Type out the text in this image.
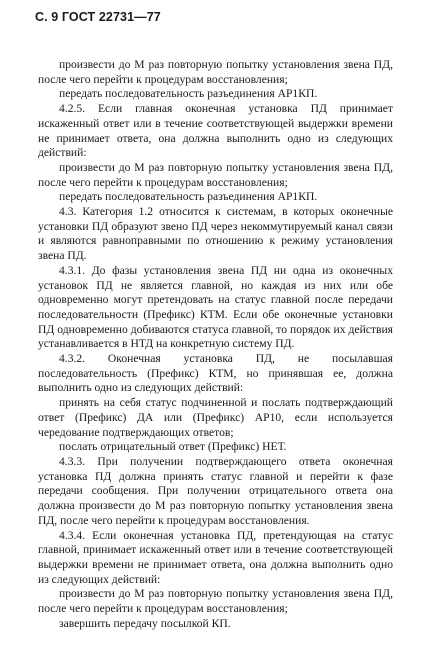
С. 9 ГОСТ 22731—77

произвести до М раз повторную попытку установления звена ПД, после чего перейти к процедурам восстановления;

передать последовательность разъединения АР1КП.

4.2.5. Если главная оконечная установка ПД принимает искаженный ответ или в течение соответствующей выдержки времени не принимает ответа, она должна выполнить одно из следующих действий:

произвести до М раз повторную попытку установления звена ПД, после чего перейти к процедурам восстановления;

передать последовательность разъединения АР1КП.

4.3. Категория 1.2 относится к системам, в которых оконечные установки ПД образуют звено ПД через некоммутируемый канал связи и являются равноправными по отношению к режиму установления звена ПД.

4.3.1. До фазы установления звена ПД ни одна из оконечных установок ПД не является главной, но каждая из них или обе одновременно могут претендовать на статус главной после передачи последовательности (Префикс) КТМ. Если обе оконечные установки ПД одновременно добиваются статуса главной, то порядок их действия устанавливается в НТД на конкретную систему ПД.

4.3.2. Оконечная установка ПД, не посылавшая последовательность (Префикс) КТМ, но принявшая ее, должна выполнить одно из следующих действий:

принять на себя статус подчиненной и послать подтверждающий ответ (Префикс) ДА или (Префикс) АР10, если используется чередование подтверждающих ответов;

послать отрицательный ответ (Префикс) НЕТ.

4.3.3. При получении подтверждающего ответа оконечная установка ПД должна принять статус главной и перейти к фазе передачи сообщения. При получении отрицательного ответа она должна произвести до М раз повторную попытку установления звена ПД, после чего перейти к процедурам восстановления.

4.3.4. Если оконечная установка ПД, претендующая на статус главной, принимает искаженный ответ или в течение соответствующей выдержки времени не принимает ответа, она должна выполнить одно из следующих действий:

произвести до М раз повторную попытку установления звена ПД, после чего перейти к процедурам восстановления;

завершить передачу посылкой КП.
